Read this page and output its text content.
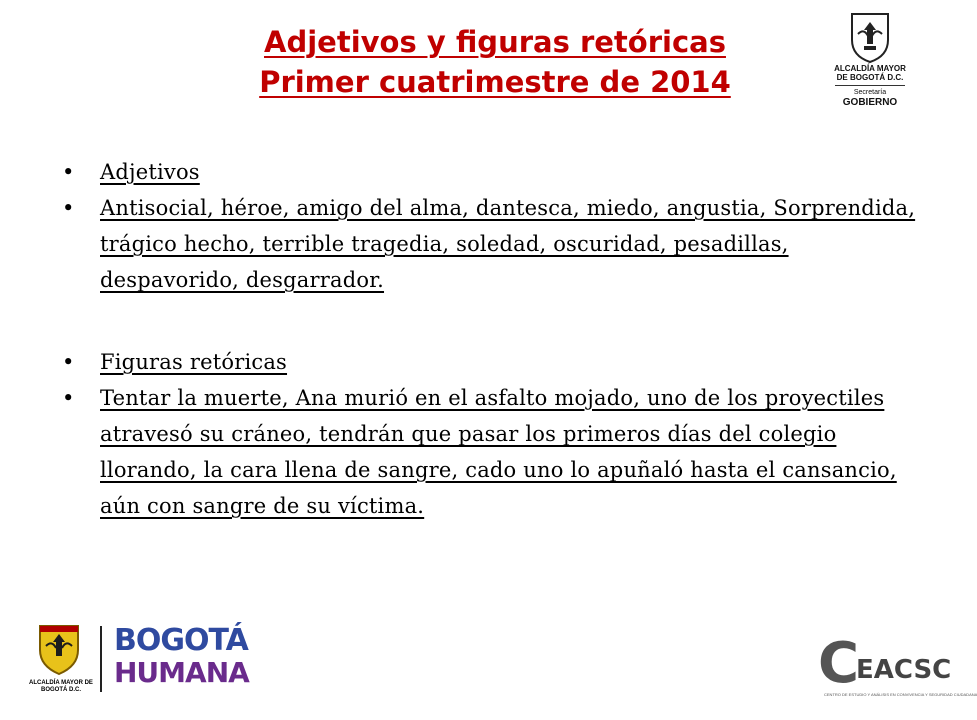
Adjetivos y figuras retóricas
Primer cuatrimestre de 2014	ALCALDÍA MAYOR
DE BOGOTÁ D.C.
Secretaría
GOBIERNO
•	Adjetivos
•	Antisocial, héroe, amigo del alma, dantesca, miedo, angustia, Sorprendida, trágico hecho, terrible tragedia, soledad, oscuridad, pesadillas, despavorido, desgarrador.
•	Figuras retóricas
•	Tentar la muerte, Ana murió en el asfalto mojado, uno de los proyectiles atravesó su cráneo, tendrán que pasar los primeros días del colegio llorando, la cara llena de sangre, cado uno lo apuñaló hasta el cansancio, aún con sangre de su víctima.
ALCALDÍA MAYOR DE BOGOTÁ D.C.
BOGOTÁ
HUMANA	C
EACSC
CENTRO DE ESTUDIO Y ANÁLISIS EN CONVIVENCIA Y SEGURIDAD CIUDADANA
